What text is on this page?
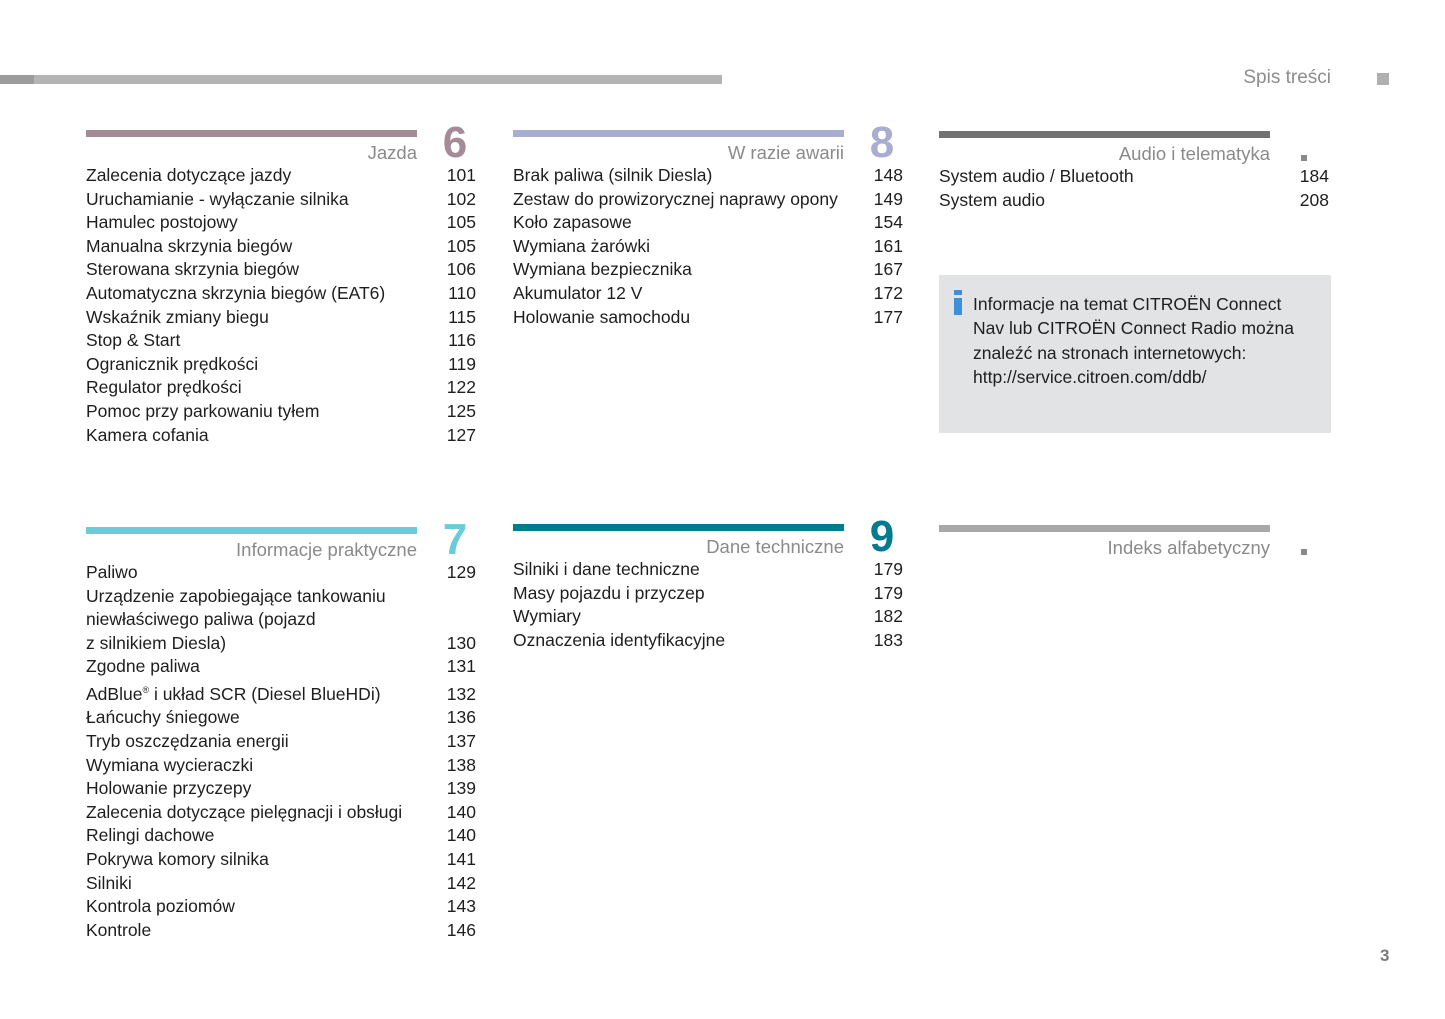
Spis treści
Jazda 6
Zalecenia dotyczące jazdy	101
Uruchamianie - wyłączanie silnika	102
Hamulec postojowy	105
Manualna skrzynia biegów	105
Sterowana skrzynia biegów	106
Automatyczna skrzynia biegów (EAT6)	110
Wskaźnik zmiany biegu	115
Stop & Start	116
Ogranicznik prędkości	119
Regulator prędkości	122
Pomoc przy parkowaniu tyłem	125
Kamera cofania	127
W razie awarii 8
Brak paliwa (silnik Diesla)	148
Zestaw do prowizorycznej naprawy opony 149
Koło zapasowe	154
Wymiana żarówki	161
Wymiana bezpiecznika	167
Akumulator 12 V	172
Holowanie samochodu	177
Audio i telematyka
System audio / Bluetooth	184
System audio	208
Informacje praktyczne 7
Paliwo	129
Urządzenie zapobiegające tankowaniu
niewłaściwego paliwa (pojazd
z silnikiem Diesla)	130
Zgodne paliwa	131
AdBlue® i układ SCR (Diesel BlueHDi)	132
Łańcuchy śniegowe	136
Tryb oszczędzania energii	137
Wymiana wycieraczki	138
Holowanie przyczepy	139
Zalecenia dotyczące pielęgnacji i obsługi	140
Relingi dachowe	140
Pokrywa komory silnika	141
Silniki	142
Kontrola poziomów	143
Kontrole	146
Dane techniczne 9
Silniki i dane techniczne	179
Masy pojazdu i przyczep	179
Wymiary	182
Oznaczenia identyfikacyjne	183
Indeks alfabetyczny
Informacje na temat CITROËN Connect
Nav lub CITROËN Connect Radio można
znaleźć na stronach internetowych:
http://service.citroen.com/ddb/
3
